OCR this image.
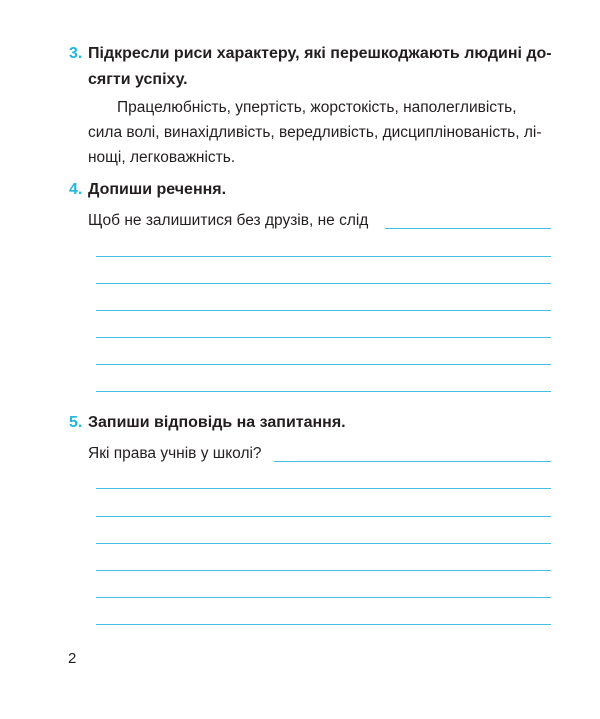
3. Підкресли риси характеру, які перешкоджають людині до-
сягти успіху.
Працелюбність, упертість, жорстокість, наполегливість,
сила волі, винахідливість, вередливість, дисциплінованість, лі-
нощі, легковажність.
4. Допиши речення.
Щоб не залишитися без друзів, не слід
5. Запиши відповідь на запитання.
Які права учнів у школі?
2
